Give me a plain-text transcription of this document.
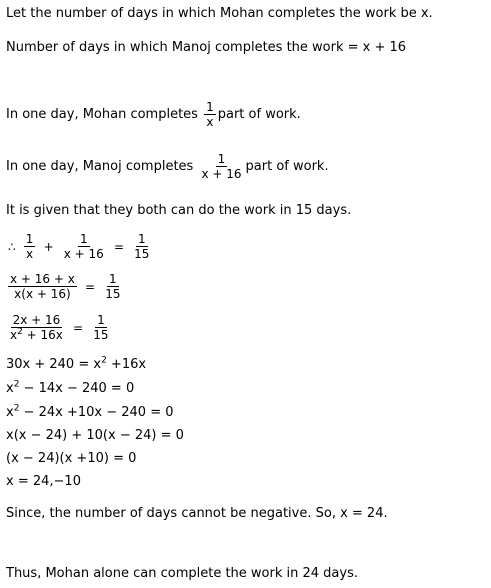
Let the number of days in which Mohan completes the work be x.
Number of days in which Manoj completes the work = x + 16
In one day, Mohan completes $\frac{1}{x}$ part of work.
In one day, Manoj completes $\frac{1}{x + 16}$ part of work.
It is given that they both can do the work in 15 days.
∴ $\frac{1}{x} + \frac{1}{x + 16} = \frac{1}{15}$
$\frac{x + 16 + x}{x(x + 16)} = \frac{1}{15}$
$\frac{2x + 16}{x^2 + 16x} = \frac{1}{15}$
$30x + 240 = x^2 +16x$
$x^2 - 14x - 240 = 0$
$x^2 - 24x +10x - 240 = 0$
x(x − 24) + 10(x − 24) = 0
(x − 24)(x +10) = 0
x = 24,−10
Since, the number of days cannot be negative. So, x = 24.
Thus, Mohan alone can complete the work in 24 days.
